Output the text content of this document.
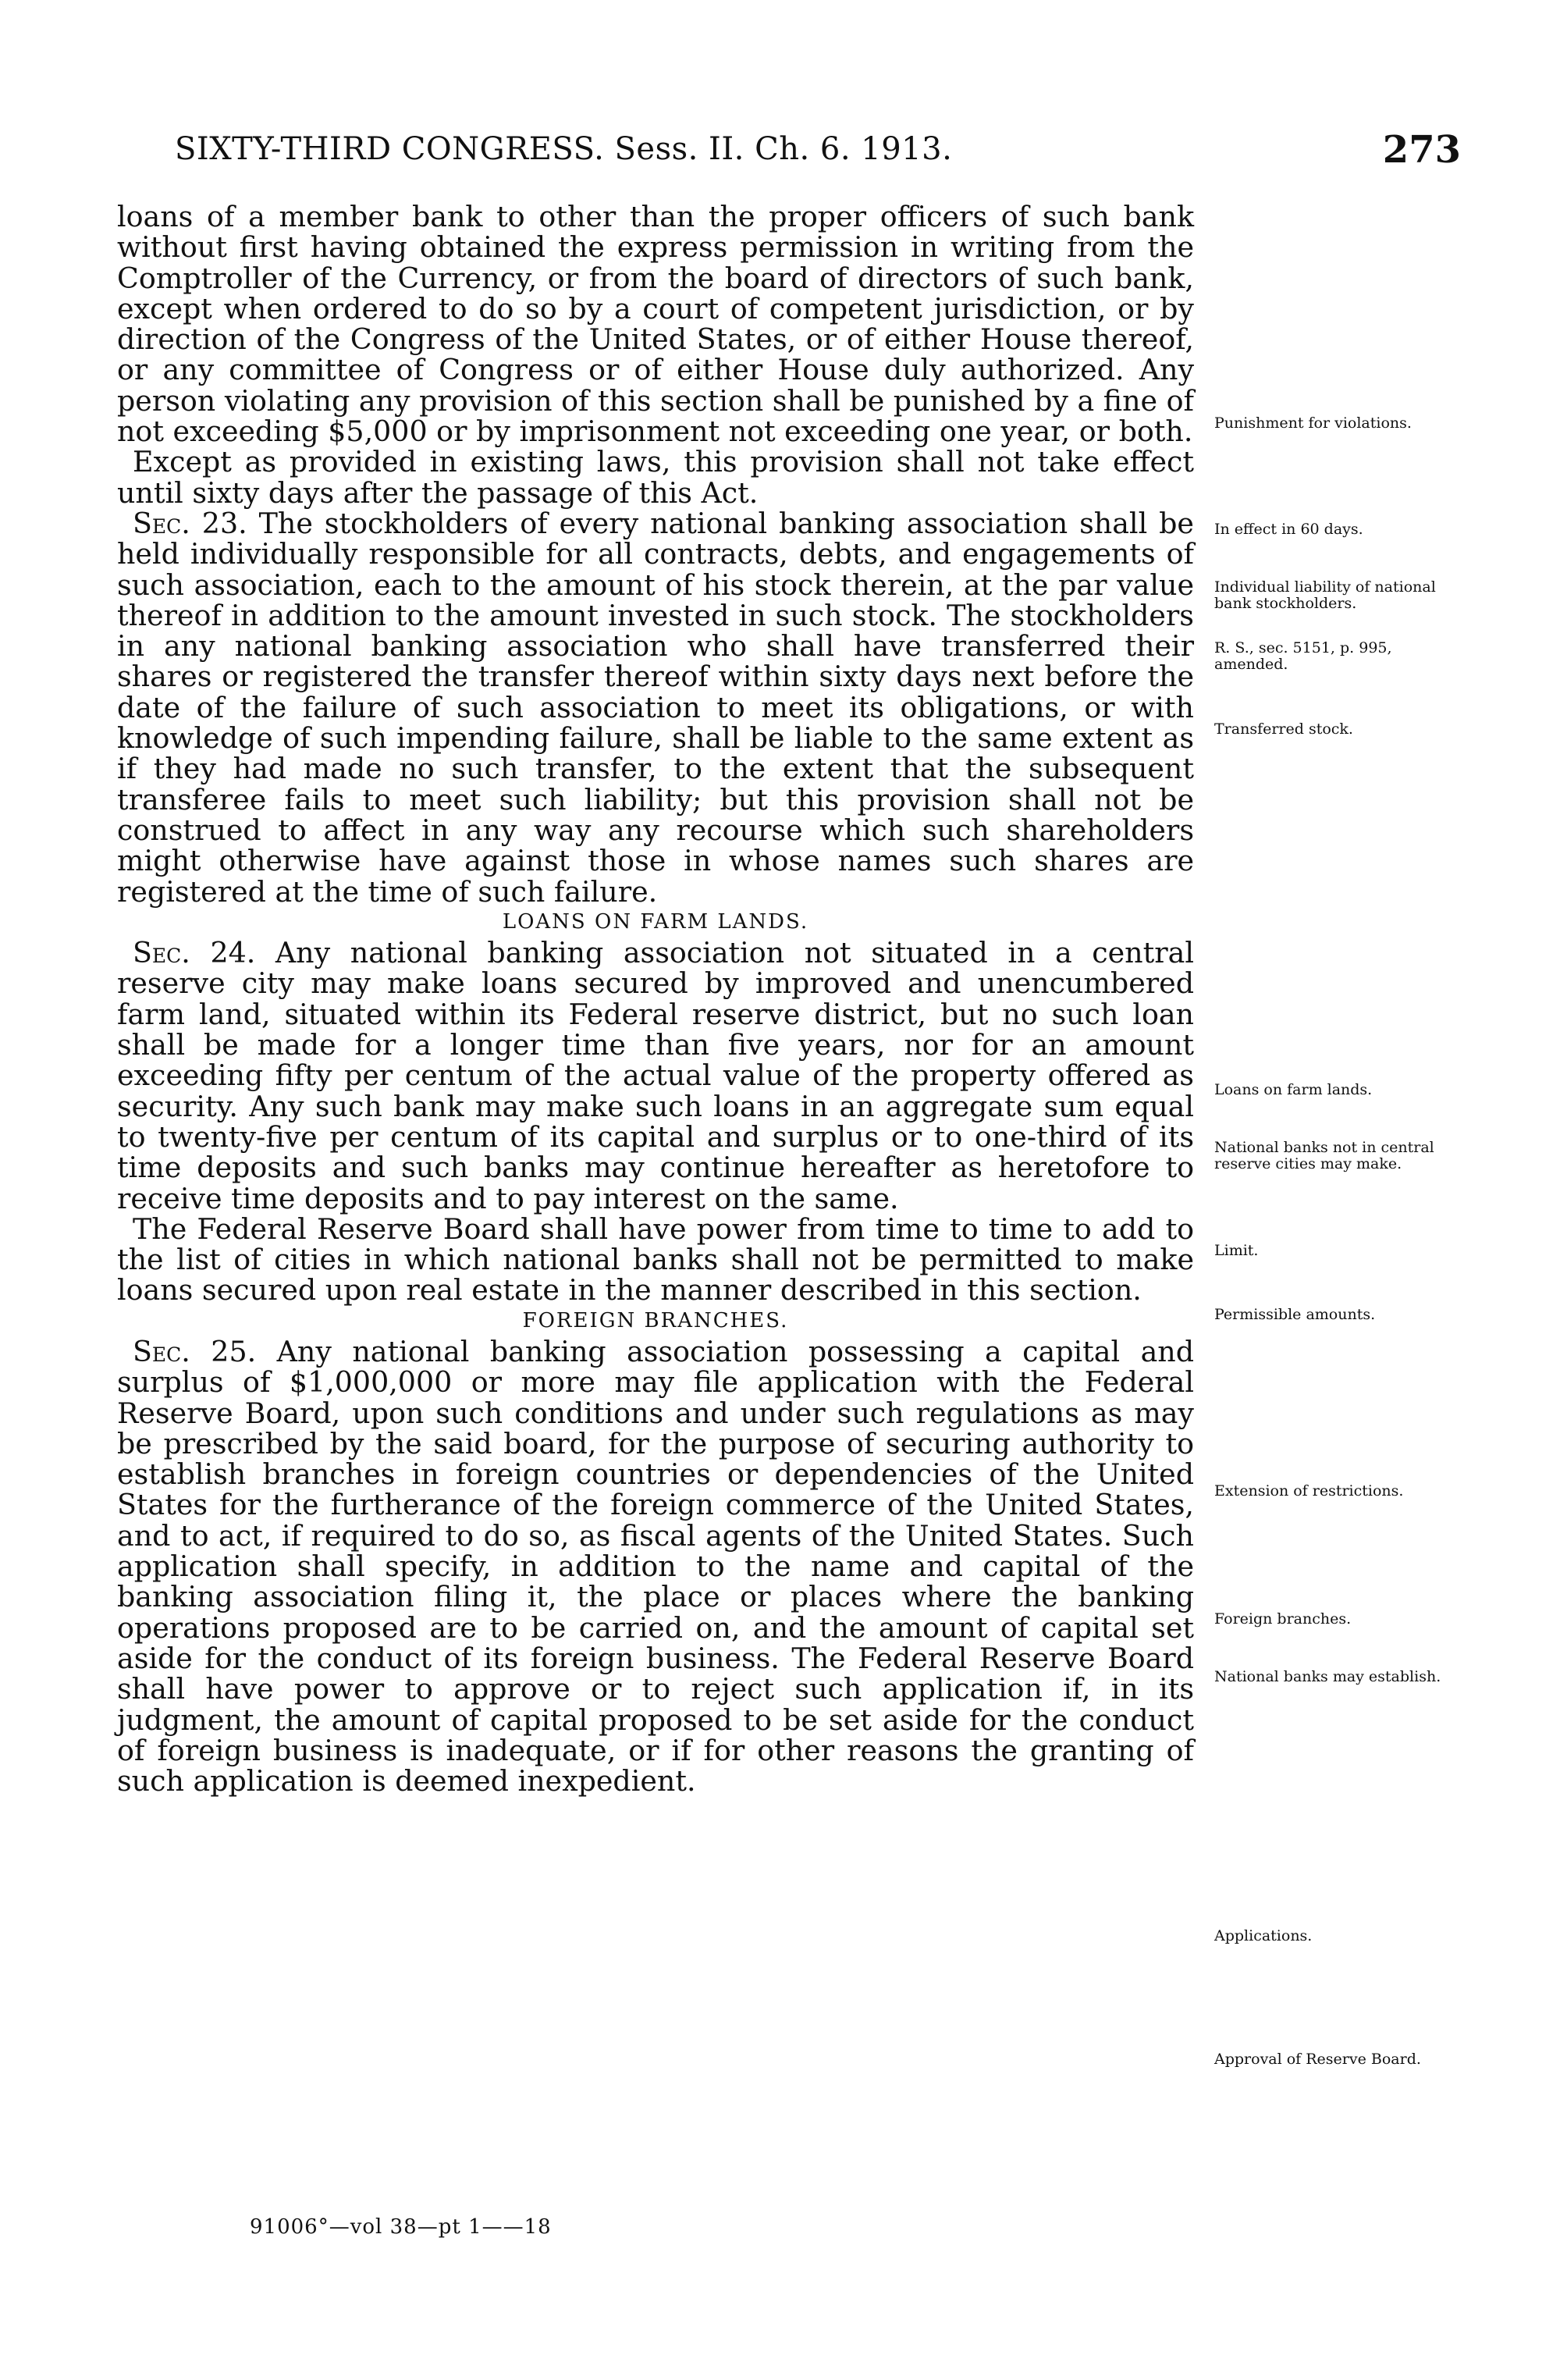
SIXTY-THIRD CONGRESS. Sess. II. Ch. 6. 1913.	273

loans of a member bank to other than the proper officers of such bank without first having obtained the express permission in writing from the Comptroller of the Currency, or from the board of directors of such bank, except when ordered to do so by a court of competent jurisdiction, or by direction of the Congress of the United States, or of either House thereof, or any committee of Congress or of either House duly authorized. Any person violating any provision of this section shall be punished by a fine of not exceeding $5,000 or by imprisonment not exceeding one year, or both.

Except as provided in existing laws, this provision shall not take effect until sixty days after the passage of this Act.

Sec. 23. The stockholders of every national banking association shall be held individually responsible for all contracts, debts, and engagements of such association, each to the amount of his stock therein, at the par value thereof in addition to the amount invested in such stock. The stockholders in any national banking association who shall have transferred their shares or registered the transfer thereof within sixty days next before the date of the failure of such association to meet its obligations, or with knowledge of such impending failure, shall be liable to the same extent as if they had made no such transfer, to the extent that the subsequent transferee fails to meet such liability; but this provision shall not be construed to affect in any way any recourse which such shareholders might otherwise have against those in whose names such shares are registered at the time of such failure.

LOANS ON FARM LANDS.

Sec. 24. Any national banking association not situated in a central reserve city may make loans secured by improved and unencumbered farm land, situated within its Federal reserve district, but no such loan shall be made for a longer time than five years, nor for an amount exceeding fifty per centum of the actual value of the property offered as security. Any such bank may make such loans in an aggregate sum equal to twenty-five per centum of its capital and surplus or to one-third of its time deposits and such banks may continue hereafter as heretofore to receive time deposits and to pay interest on the same.

The Federal Reserve Board shall have power from time to time to add to the list of cities in which national banks shall not be permitted to make loans secured upon real estate in the manner described in this section.

FOREIGN BRANCHES.

Sec. 25. Any national banking association possessing a capital and surplus of $1,000,000 or more may file application with the Federal Reserve Board, upon such conditions and under such regulations as may be prescribed by the said board, for the purpose of securing authority to establish branches in foreign countries or dependencies of the United States for the furtherance of the foreign commerce of the United States, and to act, if required to do so, as fiscal agents of the United States. Such application shall specify, in addition to the name and capital of the banking association filing it, the place or places where the banking operations proposed are to be carried on, and the amount of capital set aside for the conduct of its foreign business. The Federal Reserve Board shall have power to approve or to reject such application if, in its judgment, the amount of capital proposed to be set aside for the conduct of foreign business is inadequate, or if for other reasons the granting of such application is deemed inexpedient.

Punishment for violations.
In effect in 60 days.
Individual liability of national bank stockholders.
R. S., sec. 5151, p. 995, amended.
Transferred stock.
Loans on farm lands.
National banks not in central reserve cities may make.
Limit.
Permissible amounts.
Extension of restrictions.
Foreign branches.
National banks may establish.
Applications.
Approval of Reserve Board.
91006°—vol 38—pt 1——18
